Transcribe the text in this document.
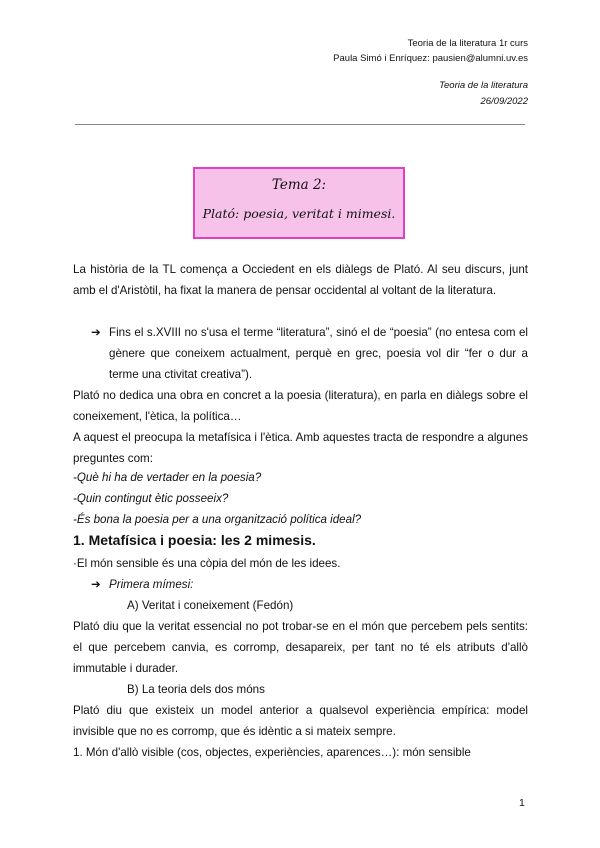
Teoria de la literatura 1r curs
Paula Simó i Enríquez: pausien@alumni.uv.es
Teoria de la literatura
26/09/2022
Tema 2:
Plató: poesia, veritat i mimesi.
La història de la TL comença a Occiedent en els diàlegs de Plató. Al seu discurs, junt amb el d'Aristòtil, ha fixat la manera de pensar occidental al voltant de la literatura.
➔ Fins el s.XVIII no s'usa el terme “literatura”, sinó el de “poesia” (no entesa com el gènere que coneixem actualment, perquè en grec, poesia vol dir “fer o dur a terme una ctivitat creativa”).
Plató no dedica una obra en concret a la poesia (literatura), en parla en diàlegs sobre el coneixement, l'ètica, la política…
A aquest el preocupa la metafísica i l'ètica. Amb aquestes tracta de respondre a algunes preguntes com:
-Què hi ha de vertader en la poesia?
-Quin contingut ètic posseeix?
-És bona la poesia per a una organització política ideal?
1. Metafísica i poesia: les 2 mimesis.
·El món sensible és una còpia del món de les idees.
➔ Primera mímesi:
A) Veritat i coneixement (Fedón)
Plató diu que la veritat essencial no pot trobar-se en el món que percebem pels sentits: el que percebem canvia, es corromp, desapareix, per tant no té els atributs d'allò immutable i durader.
B) La teoria dels dos móns
Plató diu que existeix un model anterior a qualsevol experiència empírica: model invisible que no es corromp, que és idèntic a si mateix sempre.
1. Món d'allò visible (cos, objectes, experiències, aparences…): món sensible
1
